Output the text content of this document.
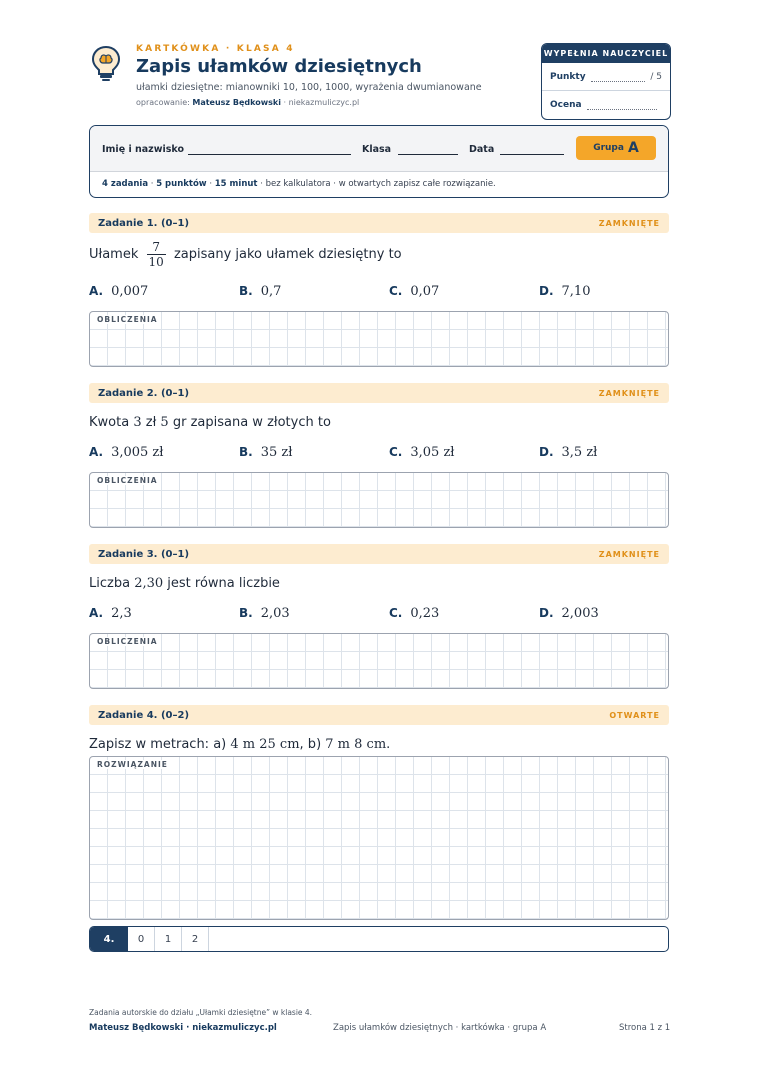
KARTKÓWKA · KLASA 4
Zapis ułamków dziesiętnych
ułamki dziesiętne: mianowniki 10, 100, 1000, wyrażenia dwumianowane
opracowanie: Mateusz Będkowski · niekazmuliczyc.pl
WYPEŁNIA NAUCZYCIEL
Punkty	/ 5
Ocena
Imię i nazwisko	Klasa	Data	Grupa A
4 zadania · 5 punktów · 15 minut · bez kalkulatora · w otwartych zapisz całe rozwiązanie.
Zadanie 1. (0–1)	ZAMKNIĘTE
Ułamek $\frac{7}{10}$ zapisany jako ułamek dziesiętny to
A. 0,007	B. 0,7	C. 0,07	D. 7,10
OBLICZENIA
Zadanie 2. (0–1)	ZAMKNIĘTE
Kwota 3 zł 5 gr zapisana w złotych to
A. 3,005 zł	B. 35 zł	C. 3,05 zł	D. 3,5 zł
OBLICZENIA
Zadanie 3. (0–1)	ZAMKNIĘTE
Liczba 2,30 jest równa liczbie
A. 2,3	B. 2,03	C. 0,23	D. 2,003
OBLICZENIA
Zadanie 4. (0–2)	OTWARTE
Zapisz w metrach: a) 4 m 25 cm, b) 7 m 8 cm.
ROZWIĄZANIE
4.	0	1	2
Zadania autorskie do działu „Ułamki dziesiętne” w klasie 4.
Mateusz Będkowski · niekazmuliczyc.pl	Zapis ułamków dziesiętnych · kartkówka · grupa A	Strona 1 z 1
